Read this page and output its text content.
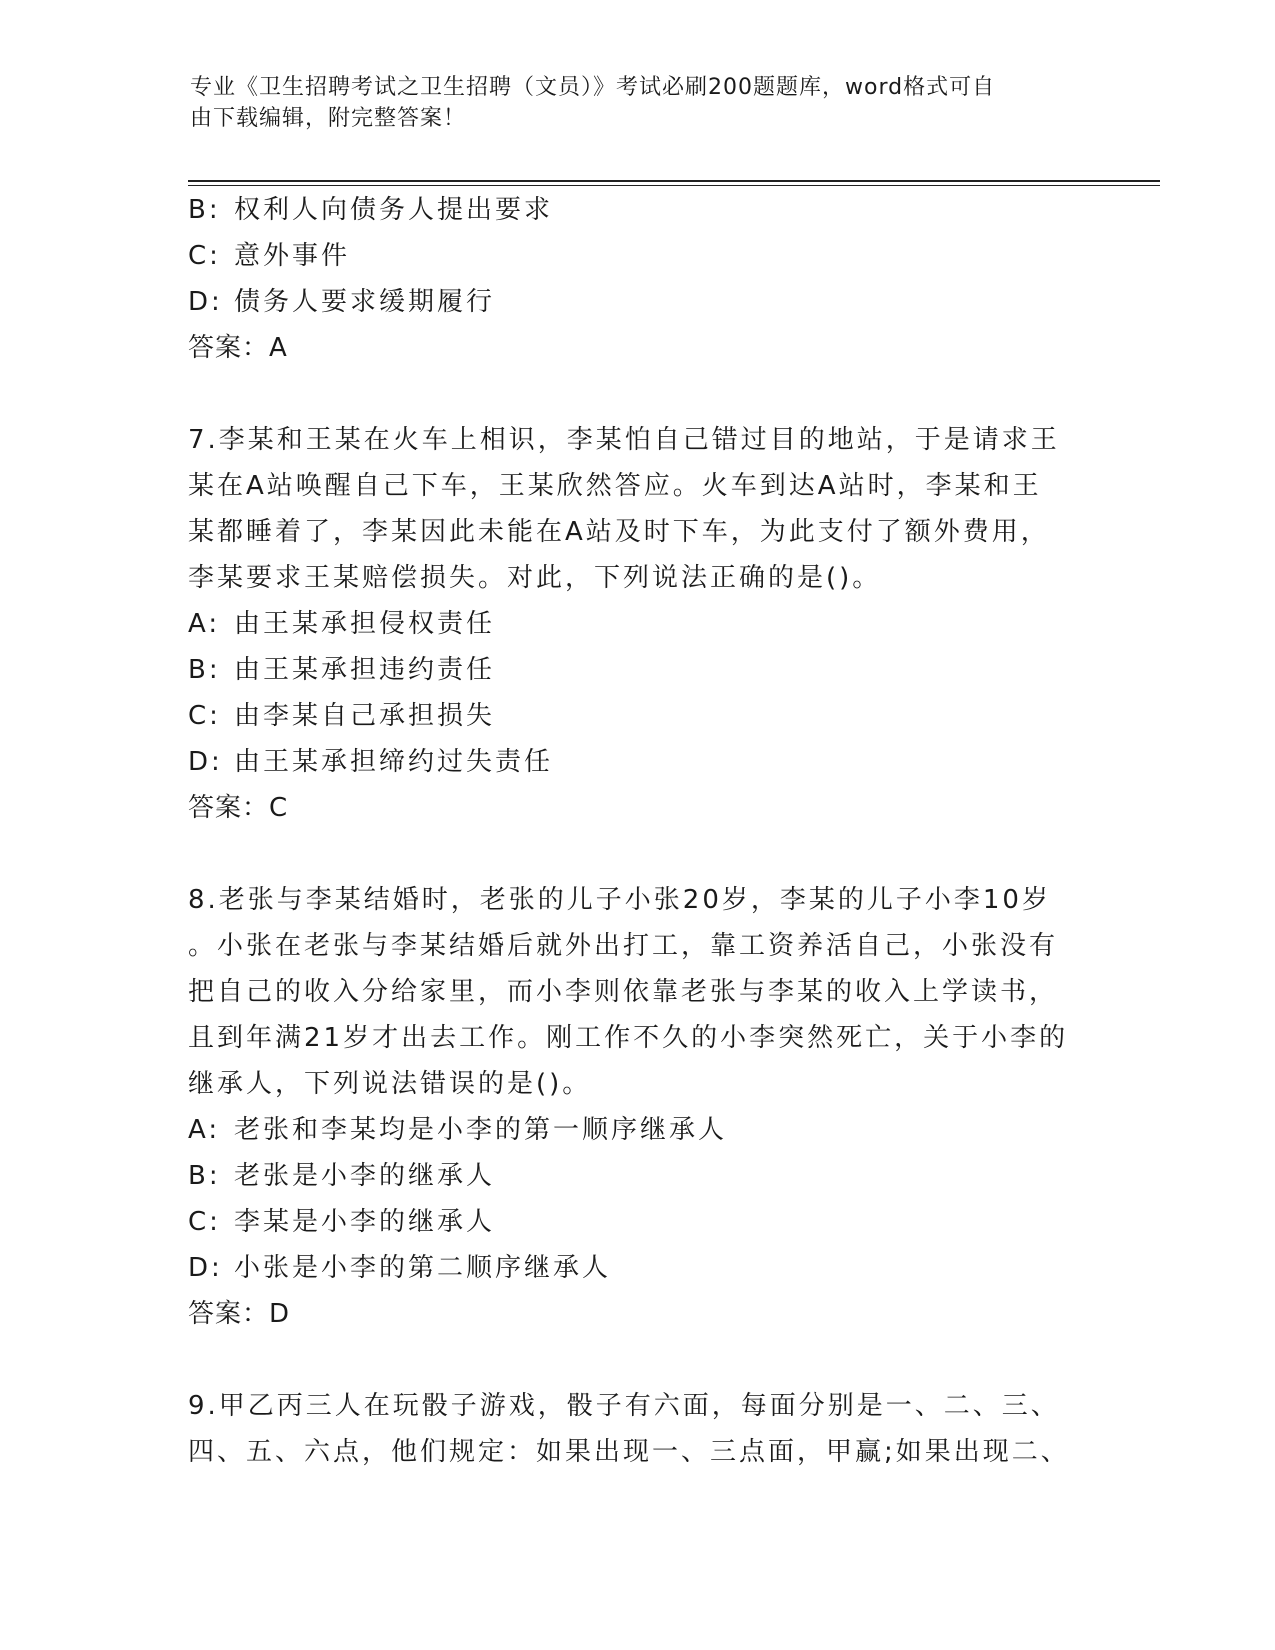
专业《卫生招聘考试之卫生招聘（文员）》考试必刷200题题库，word格式可自
由下载编辑，附完整答案！
B: 权利人向债务人提出要求
C: 意外事件
D: 债务人要求缓期履行
答案：A
7.李某和王某在火车上相识，李某怕自己错过目的地站，于是请求王
某在A站唤醒自己下车，王某欣然答应。火车到达A站时，李某和王
某都睡着了，李某因此未能在A站及时下车，为此支付了额外费用，
李某要求王某赔偿损失。对此，下列说法正确的是()。
A: 由王某承担侵权责任
B: 由王某承担违约责任
C: 由李某自己承担损失
D: 由王某承担缔约过失责任
答案：C
8.老张与李某结婚时，老张的儿子小张20岁，李某的儿子小李10岁
。小张在老张与李某结婚后就外出打工，靠工资养活自己，小张没有
把自己的收入分给家里，而小李则依靠老张与李某的收入上学读书，
且到年满21岁才出去工作。刚工作不久的小李突然死亡，关于小李的
继承人，下列说法错误的是()。
A: 老张和李某均是小李的第一顺序继承人
B: 老张是小李的继承人
C: 李某是小李的继承人
D: 小张是小李的第二顺序继承人
答案：D
9.甲乙丙三人在玩骰子游戏，骰子有六面，每面分别是一、二、三、
四、五、六点，他们规定：如果出现一、三点面，甲赢;如果出现二、
